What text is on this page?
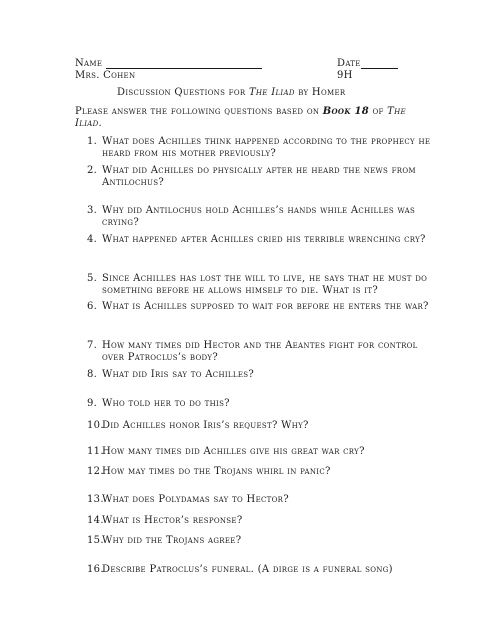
Name	Date
Mrs. Cohen	9H
Discussion Questions for The Iliad by Homer
Please answer the following questions based on Book 18 of The Iliad.
1. What does Achilles think happened according to the prophecy he heard from his mother previously?
2. What did Achilles do physically after he heard the news from Antilochus?
3. Why did Antilochus hold Achilles’s hands while Achilles was crying?
4. What happened after Achilles cried his terrible wrenching cry?
5. Since Achilles has lost the will to live, he says that he must do something before he allows himself to die. What is it?
6. What is Achilles supposed to wait for before he enters the war?
7. How many times did Hector and the Aeantes fight for control over Patroclus’s body?
8. What did Iris say to Achilles?
9. Who told her to do this?
10.
Did Achilles honor Iris’s request? Why?
11.
How many times did Achilles give his great war cry?
12.
How may times do the Trojans whirl in panic?
13.
What does Polydamas say to Hector?
14.
What is Hector’s response?
15.
Why did the Trojans agree?
16.
Describe Patroclus’s funeral. (A dirge is a funeral song)
